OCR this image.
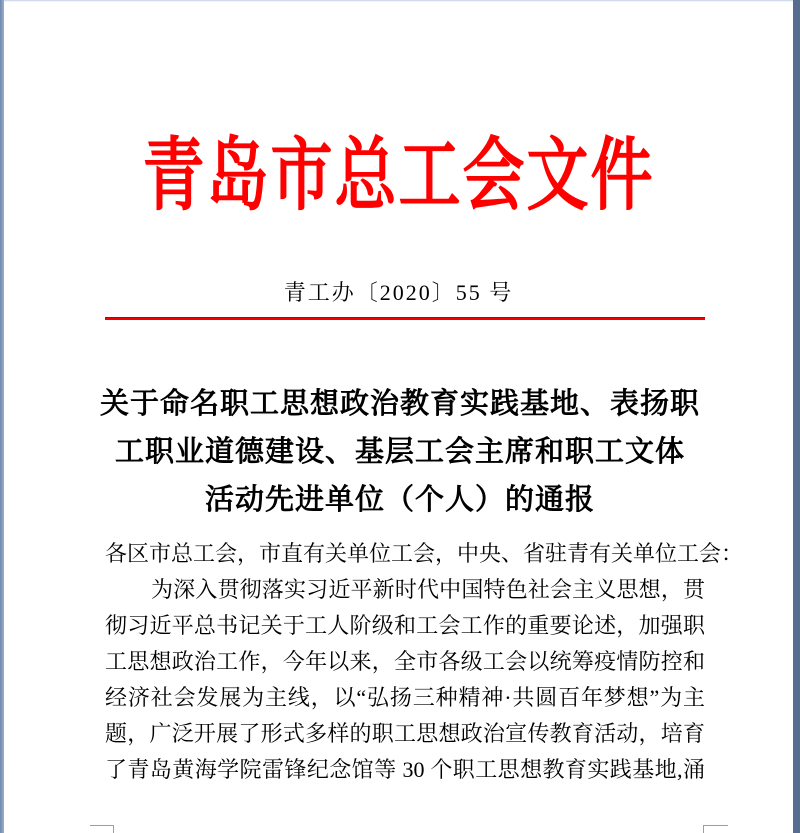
青岛市总工会文件
青工办〔2020〕55 号
关于命名职工思想政治教育实践基地、表扬职
工职业道德建设、基层工会主席和职工文体
活动先进单位（个人）的通报
各区市总工会，市直有关单位工会，中央、省驻青有关单位工会：
为深入贯彻落实习近平新时代中国特色社会主义思想，贯
彻习近平总书记关于工人阶级和工会工作的重要论述，加强职
工思想政治工作，今年以来，全市各级工会以统筹疫情防控和
经济社会发展为主线，以“弘扬三种精神·共圆百年梦想”为主
题，广泛开展了形式多样的职工思想政治宣传教育活动，培育
了青岛黄海学院雷锋纪念馆等 30 个职工思想教育实践基地,涌
